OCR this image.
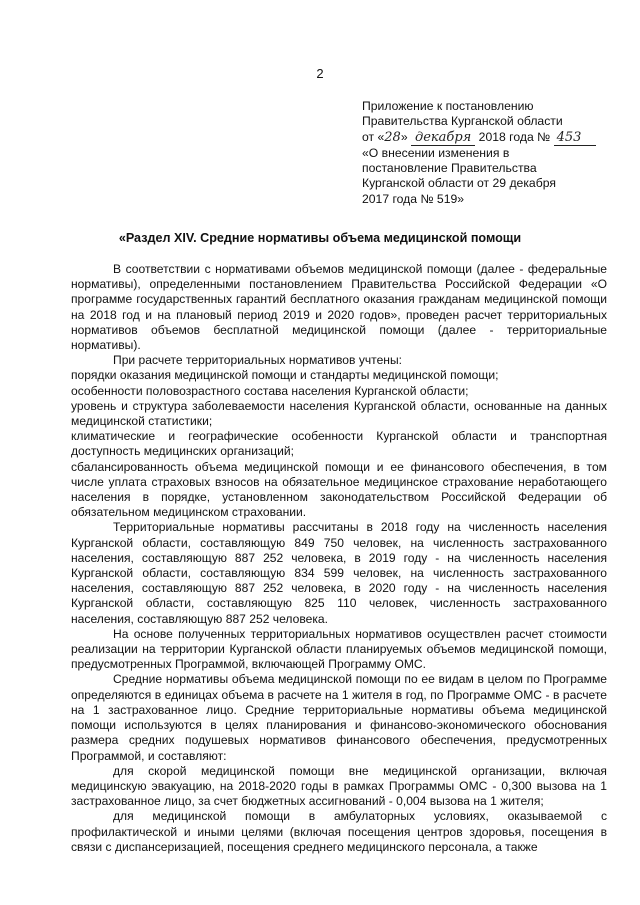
2
Приложение к постановлению
Правительства Курганской области
от «28» декабря 2018 года № 453
«О внесении изменения в
постановление Правительства
Курганской области от 29 декабря
2017 года № 519»
«Раздел XIV. Средние нормативы объема медицинской помощи

В соответствии с нормативами объемов медицинской помощи (далее - федеральные нормативы), определенными постановлением Правительства Российской Федерации «О программе государственных гарантий бесплатного оказания гражданам медицинской помощи на 2018 год и на плановый период 2019 и 2020 годов», проведен расчет территориальных нормативов объемов бесплатной медицинской помощи (далее - территориальные нормативы).

При расчете территориальных нормативов учтены:

порядки оказания медицинской помощи и стандарты медицинской помощи;

особенности половозрастного состава населения Курганской области;

уровень и структура заболеваемости населения Курганской области, основанные на данных медицинской статистики;

климатические и географические особенности Курганской области и транспортная доступность медицинских организаций;

сбалансированность объема медицинской помощи и ее финансового обеспечения, в том числе уплата страховых взносов на обязательное медицинское страхование неработающего населения в порядке, установленном законодательством Российской Федерации об обязательном медицинском страховании.

Территориальные нормативы рассчитаны в 2018 году на численность населения Курганской области, составляющую 849 750 человек, на численность застрахованного населения, составляющую 887 252 человека, в 2019 году - на численность населения Курганской области, составляющую 834 599 человек, на численность застрахованного населения, составляющую 887 252 человека, в 2020 году - на численность населения Курганской области, составляющую 825 110 человек, численность застрахованного населения, составляющую 887 252 человека.

На основе полученных территориальных нормативов осуществлен расчет стоимости реализации на территории Курганской области планируемых объемов медицинской помощи, предусмотренных Программой, включающей Программу ОМС.

Средние нормативы объема медицинской помощи по ее видам в целом по Программе определяются в единицах объема в расчете на 1 жителя в год, по Программе ОМС - в расчете на 1 застрахованное лицо. Средние территориальные нормативы объема медицинской помощи используются в целях планирования и финансово-экономического обоснования размера средних подушевых нормативов финансового обеспечения, предусмотренных Программой, и составляют:

для скорой медицинской помощи вне медицинской организации, включая медицинскую эвакуацию, на 2018-2020 годы в рамках Программы ОМС - 0,300 вызова на 1 застрахованное лицо, за счет бюджетных ассигнований - 0,004 вызова на 1 жителя;

для медицинской помощи в амбулаторных условиях, оказываемой с профилактической и иными целями (включая посещения центров здоровья, посещения в связи с диспансеризацией, посещения среднего медицинского персонала, а также
